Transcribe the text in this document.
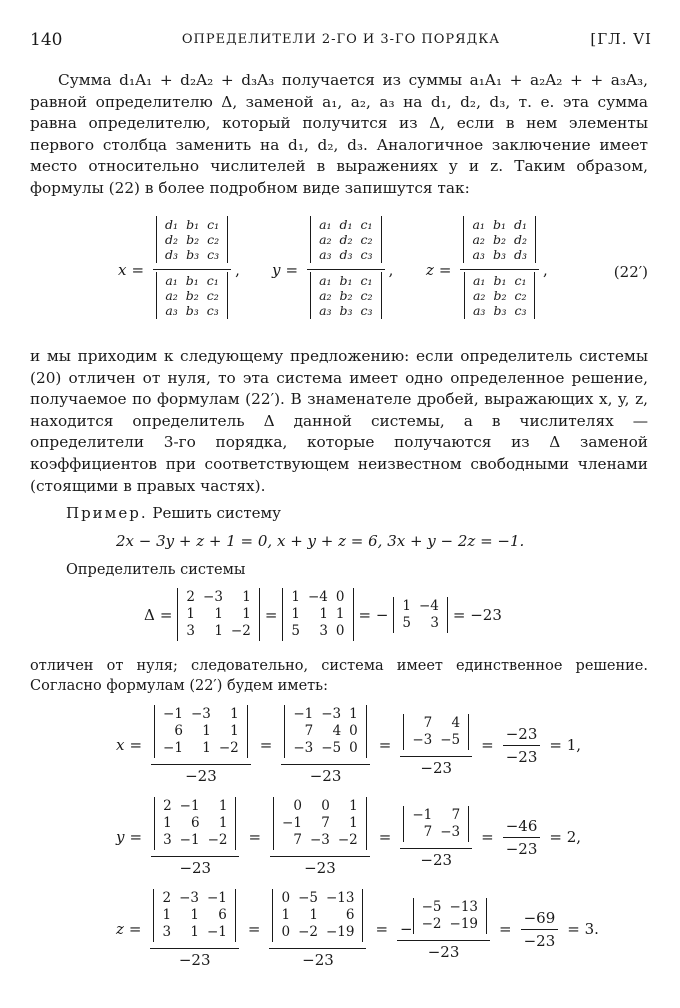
140	ОПРЕДЕЛИТЕЛИ 2-ГО И 3-ГО ПОРЯДКА	[ГЛ. VI
Сумма d₁A₁ + d₂A₂ + d₃A₃ получается из суммы a₁A₁ + a₂A₂ + + a₃A₃, равной определителю Δ, заменой a₁, a₂, a₃ на d₁, d₂, d₃, т. е. эта сумма равна определителю, который получится из Δ, если в нем элементы первого столбца заменить на d₁, d₂, d₃. Аналогичное заключение имеет место относительно числителей в выражениях y и z. Таким образом, формулы (22) в более подробном виде запишутся так:
x = d₁	b₁	c₁
d₂	b₂	c₂
d₃	b₃	c₃
a₁	b₁	c₁
a₂	b₂	c₂
a₃	b₃	c₃ , y = a₁	d₁	c₁
a₂	d₂	c₂
a₃	d₃	c₃
a₁	b₁	c₁
a₂	b₂	c₂
a₃	b₃	c₃ , z = a₁	b₁	d₁
a₂	b₂	d₂
a₃	b₃	d₃
a₁	b₁	c₁
a₂	b₂	c₂
a₃	b₃	c₃ ,	(22′)
и мы приходим к следующему предложению: если определитель системы (20) отличен от нуля, то эта система имеет одно определенное решение, получаемое по формулам (22′). В знаменателе дробей, выражающих x, y, z, находится определитель Δ данной системы, а в числителях — определители 3-го порядка, которые получаются из Δ заменой коэффициентов при соответствующем неизвестном свободными членами (стоящими в правых частях).
Пример. Решить систему
2x − 3y + z + 1 = 0, x + y + z = 6, 3x + y − 2z = −1.
Определитель системы
Δ =
2	−3	1
1	1	1
3	1	−2
=
1	−4	0
1	1	1
5	3	0
= − 1	−4
5	3 = −23
отличен от нуля; следовательно, система имеет единственное решение. Согласно формулам (22′) будем иметь:
x = −1	−3	1
6	1	1
−1	1	−2
−23 = −1	−3	1
7	4	0
−3	−5	0
−23 = 7	4
−3	−5
$-23 = \frac{-23}{-23} = 1$,
y = 2	−1	1
1	6	1
3	−1	−2
−23 = 0	0	1
−1	7	1
7	−3	−2
−23 = −1	7
7	−3
$-23 = \frac{-46}{-23} = 2$,
z = 2	−3	−1
1	1	6
3	1	−1
−23 = 0	−5	−13
1	1	6
0	−2	−19
−23 = −
−5	−13
−2	−19
$-23 = \frac{-69}{-23} = 3$.
